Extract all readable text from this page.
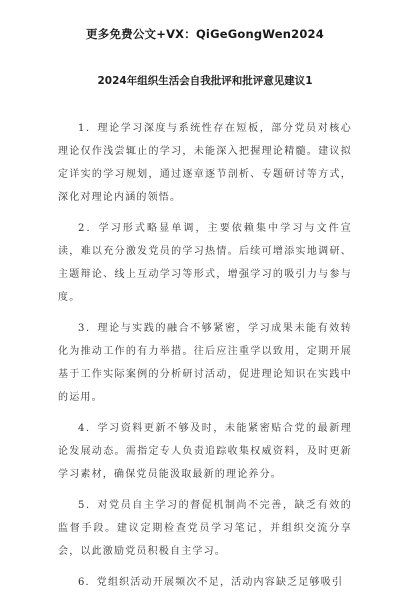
更多免费公文+VX：QiGeGongWen2024
2024年组织生活会自我批评和批评意见建议1

1．理论学习深度与系统性存在短板，部分党员对核心理论仅作浅尝辄止的学习，未能深入把握理论精髓。建议拟定详实的学习规划，通过逐章逐节剖析、专题研讨等方式，深化对理论内涵的领悟。

2．学习形式略显单调，主要依赖集中学习与文件宣读，难以充分激发党员的学习热情。后续可增添实地调研、主题辩论、线上互动学习等形式，增强学习的吸引力与参与度。

3．理论与实践的融合不够紧密，学习成果未能有效转化为推动工作的有力举措。往后应注重学以致用，定期开展基于工作实际案例的分析研讨活动，促进理论知识在实践中的运用。

4．学习资料更新不够及时，未能紧密贴合党的最新理论发展动态。需指定专人负责追踪收集权威资料，及时更新学习素材，确保党员能汲取最新的理论养分。

5．对党员自主学习的督促机制尚不完善，缺乏有效的监督手段。建议定期检查党员学习笔记，并组织交流分享会，以此激励党员积极自主学习。

6．党组织活动开展频次不足，活动内容缺乏足够吸引
